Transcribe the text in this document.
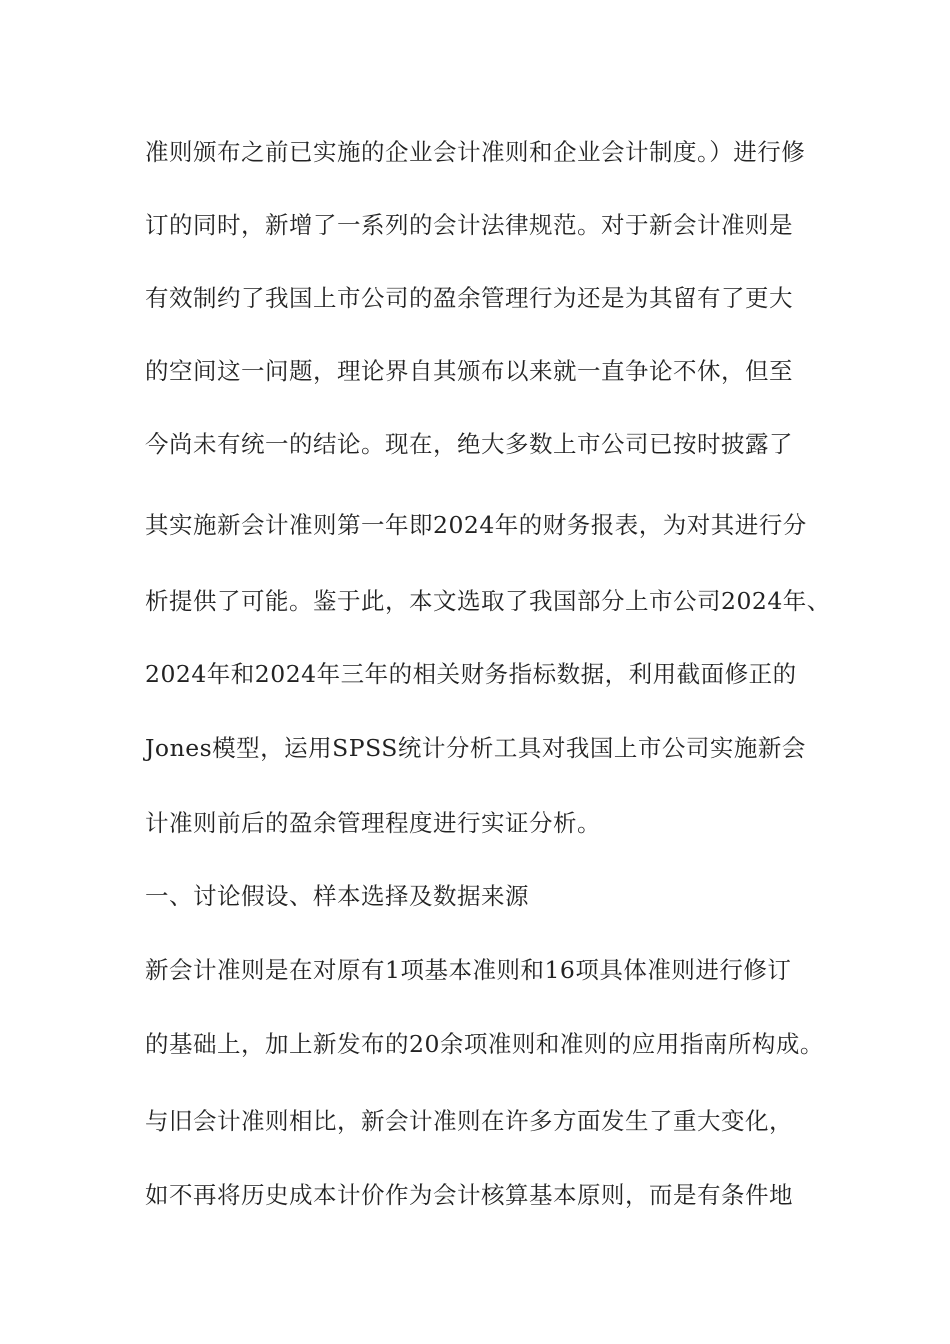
准则颁布之前已实施的企业会计准则和企业会计制度。）进行修
订的同时，新增了一系列的会计法律规范。对于新会计准则是
有效制约了我国上市公司的盈余管理行为还是为其留有了更大
的空间这一问题，理论界自其颁布以来就一直争论不休，但至
今尚未有统一的结论。现在，绝大多数上市公司已按时披露了
其实施新会计准则第一年即2024年的财务报表，为对其进行分
析提供了可能。鉴于此，本文选取了我国部分上市公司2024年、
2024年和2024年三年的相关财务指标数据，利用截面修正的
Jones模型，运用SPSS统计分析工具对我国上市公司实施新会
计准则前后的盈余管理程度进行实证分析。
一、讨论假设、样本选择及数据来源
新会计准则是在对原有1项基本准则和16项具体准则进行修订
的基础上，加上新发布的20余项准则和准则的应用指南所构成。
与旧会计准则相比，新会计准则在许多方面发生了重大变化，
如不再将历史成本计价作为会计核算基本原则，而是有条件地
